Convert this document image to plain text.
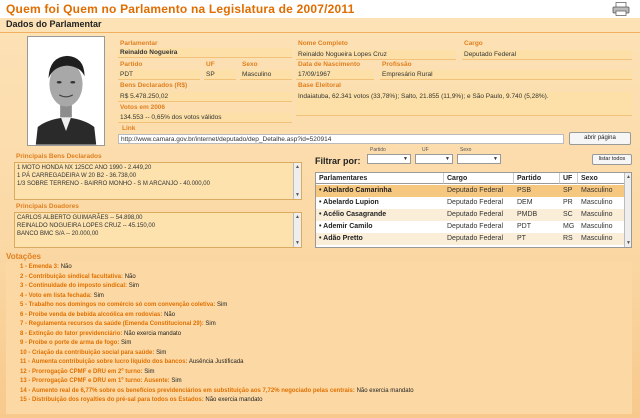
Quem foi Quem no Parlamento na Legislatura de 2007/2011
Dados do Parlamentar
Parlamentar
Reinaldo Nogueira
Nome Completo
Reinaldo Nogueira Lopes Cruz
Cargo
Deputado Federal
Partido
PDT
UF
SP
Sexo
Masculino
Data de Nascimento
17/09/1967
Profissão
Empresário Rural
Bens Declarados (R$)
R$ 5.478.250,02
Base Eleitoral
Indaiatuba, 62.341 votos (33,78%); Salto, 21.855 (11,9%); e São Paulo, 9.740 (5,28%).
Votos em 2006
134.553 -- 0,65% dos votos válidos
Link
http://www.camara.gov.br/internet/deputado/dep_Detalhe.asp?id=520914	abrir página
Principais Bens Declarados
1 MOTO HONDA NX 125CC ANO 1990 - 2.449,20
1 PÁ CARREGADEIRA W 20 B2 - 36.738,00
1/3 SOBRE TERRENO - BAIRRO MONHO - S M ARCANJO - 40.000,00
▲
▼
Principais Doadores
CARLOS ALBERTO GUIMARÃES -- 54.898,00
REINALDO NOGUEIRA LOPES CRUZ -- 45.150,00
BANCO BMC S/A -- 20.000,00
▲
▼
Filtrar por:
Partido
▼
UF
▼
Sexo
▼	listar todos
Parlamentares	Cargo	Partido	UF	Sexo
• Abelardo Camarinha	Deputado Federal	PSB	SP	Masculino
• Abelardo Lupion	Deputado Federal	DEM	PR	Masculino
• Acélio Casagrande	Deputado Federal	PMDB	SC	Masculino
• Ademir Camilo	Deputado Federal	PDT	MG Masculino
• Adão Pretto	Deputado Federal	PT	RS	Masculino
▲
▼
Votações
1 - Emenda 3: Não
2 - Contribuição sindical facultativa: Não
3 - Continuidade do imposto sindical: Sim
4 - Voto em lista fechada: Sim
5 - Trabalho nos domingos no comércio só com convenção coletiva: Sim
6 - Proibe venda de bebida alcoólica em rodovias: Não
7 - Regulamenta recursos da saúde (Emenda Constitucional 29): Sim
8 - Extinção do fator previdenciário: Não exercia mandato
9 - Proibe o porte de arma de fogo: Sim
10 - Criação da contribuição social para saúde: Sim
11 - Aumenta contribuição sobre lucro líquido dos bancos: Ausência Justificada
12 - Prorrogação CPMF e DRU em 2º turno: Sim
13 - Prorrogação CPMF e DRU em 1º turno: Ausente: Sim
14 - Aumento real de 6,77% sobre os benefícios previdenciários em substituição aos 7,72% negociado pelas centrais: Não exercia mandato
15 - Distribuição dos royalties do pré-sal para todos os Estados: Não exercia mandato
